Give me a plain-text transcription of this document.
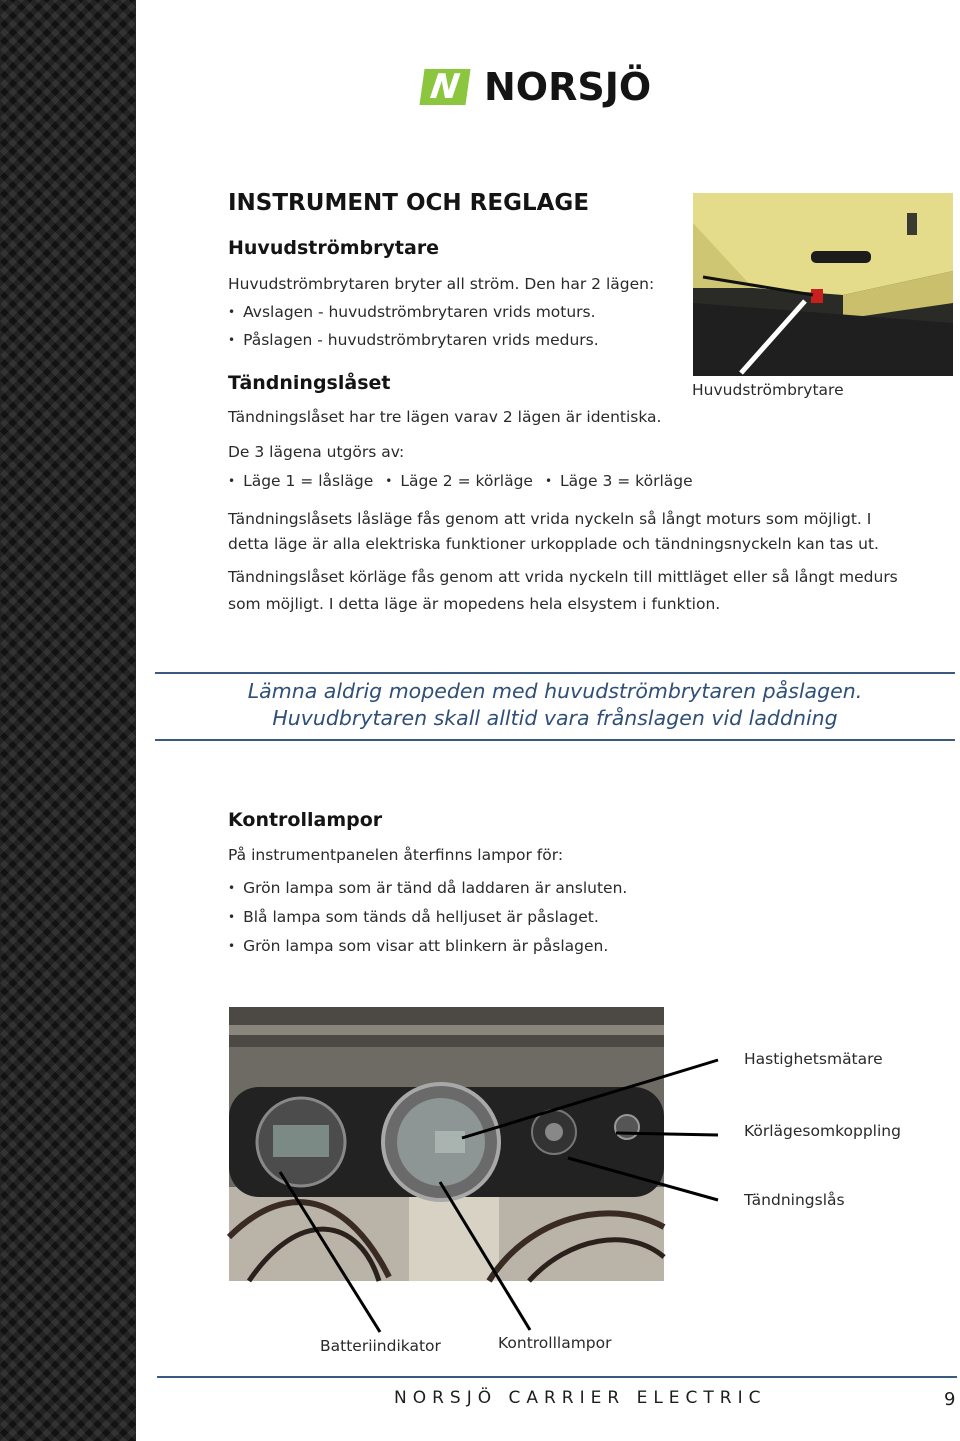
N NORSJÖ
INSTRUMENT OCH REGLAGE
Huvudströmbrytare
Huvudströmbrytaren bryter all ström. Den har 2 lägen:
• Avslagen - huvudströmbrytaren vrids moturs.
• Påslagen - huvudströmbrytaren vrids medurs.
Huvudströmbrytare
Tändningslåset
Tändningslåset har tre lägen varav 2 lägen är identiska.
De 3 lägena utgörs av:
• Läge 1 = låsläge	• Läge 2 = körläge	• Läge 3 = körläge
Tändningslåsets låsläge fås genom att vrida nyckeln så långt moturs som möjligt. I
detta läge är alla elektriska funktioner urkopplade och tändningsnyckeln kan tas ut.
Tändningslåset körläge fås genom att vrida nyckeln till mittläget eller så långt medurs
som möjligt. I detta läge är mopedens hela elsystem i funktion.
Lämna aldrig mopeden med huvudströmbrytaren påslagen.
Huvudbrytaren skall alltid vara frånslagen vid laddning
Kontrollampor
På instrumentpanelen återfinns lampor för:
• Grön lampa som är tänd då laddaren är ansluten.
• Blå lampa som tänds då helljuset är påslaget.
• Grön lampa som visar att blinkern är påslagen.
Hastighetsmätare
Körlägesomkoppling
Tändningslås
Batteriindikator	Kontrolllampor
NORSJÖ CARRIER ELECTRIC	9
